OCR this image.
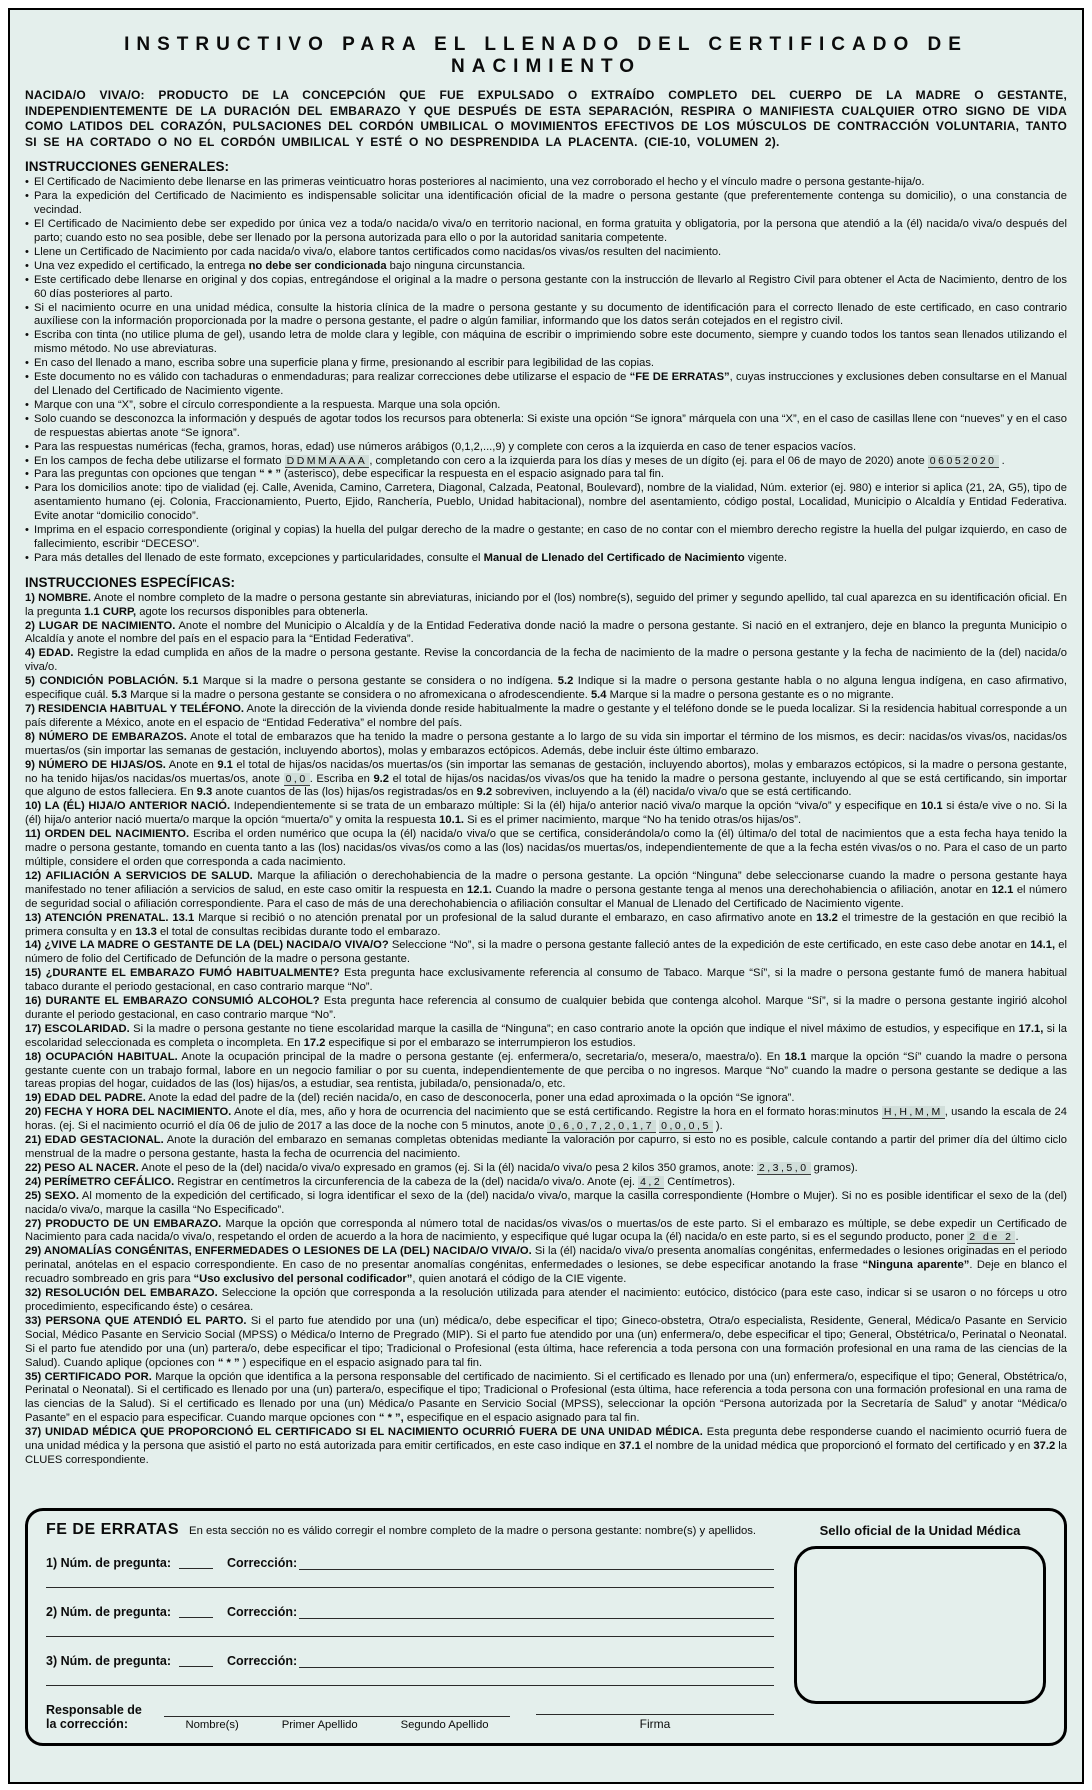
INSTRUCTIVO PARA EL LLENADO DEL CERTIFICADO DE NACIMIENTO
NACIDA/O VIVA/O: PRODUCTO DE LA CONCEPCIÓN QUE FUE EXPULSADO O EXTRAÍDO COMPLETO DEL CUERPO DE LA MADRE O GESTANTE, INDEPENDIENTEMENTE DE LA DURACIÓN DEL EMBARAZO Y QUE DESPUÉS DE ESTA SEPARACIÓN, RESPIRA O MANIFIESTA CUALQUIER OTRO SIGNO DE VIDA COMO LATIDOS DEL CORAZÓN, PULSACIONES DEL CORDÓN UMBILICAL O MOVIMIENTOS EFECTIVOS DE LOS MÚSCULOS DE CONTRACCIÓN VOLUNTARIA, TANTO SI SE HA CORTADO O NO EL CORDÓN UMBILICAL Y ESTÉ O NO DESPRENDIDA LA PLACENTA. (CIE-10, VOLUMEN 2).
INSTRUCCIONES GENERALES:
• El Certificado de Nacimiento debe llenarse en las primeras veinticuatro horas posteriores al nacimiento, una vez corroborado el hecho y el vínculo madre o persona gestante-hija/o.
• Para la expedición del Certificado de Nacimiento es indispensable solicitar una identificación oficial de la madre o persona gestante (que preferentemente contenga su domicilio), o una constancia de vecindad.
• El Certificado de Nacimiento debe ser expedido por única vez a toda/o nacida/o viva/o en territorio nacional, en forma gratuita y obligatoria, por la persona que atendió a la (él) nacida/o viva/o después del parto; cuando esto no sea posible, debe ser llenado por la persona autorizada para ello o por la autoridad sanitaria competente.
• Llene un Certificado de Nacimiento por cada nacida/o viva/o, elabore tantos certificados como nacidas/os vivas/os resulten del nacimiento.
• Una vez expedido el certificado, la entrega no debe ser condicionada bajo ninguna circunstancia.
• Este certificado debe llenarse en original y dos copias, entregándose el original a la madre o persona gestante con la instrucción de llevarlo al Registro Civil para obtener el Acta de Nacimiento, dentro de los 60 días posteriores al parto.
• Si el nacimiento ocurre en una unidad médica, consulte la historia clínica de la madre o persona gestante y su documento de identificación para el correcto llenado de este certificado, en caso contrario auxíliese con la información proporcionada por la madre o persona gestante, el padre o algún familiar, informando que los datos serán cotejados en el registro civil.
• Escriba con tinta (no utilice pluma de gel), usando letra de molde clara y legible, con máquina de escribir o imprimiendo sobre este documento, siempre y cuando todos los tantos sean llenados utilizando el mismo método. No use abreviaturas.
• En caso del llenado a mano, escriba sobre una superficie plana y firme, presionando al escribir para legibilidad de las copias.
• Este documento no es válido con tachaduras o enmendaduras; para realizar correcciones debe utilizarse el espacio de “FE DE ERRATAS”, cuyas instrucciones y exclusiones deben consultarse en el Manual del Llenado del Certificado de Nacimiento vigente.
• Marque con una “X”, sobre el círculo correspondiente a la respuesta. Marque una sola opción.
• Solo cuando se desconozca la información y después de agotar todos los recursos para obtenerla: Si existe una opción “Se ignora” márquela con una “X”, en el caso de casillas llene con “nueves” y en el caso de respuestas abiertas anote “Se ignora”.
• Para las respuestas numéricas (fecha, gramos, horas, edad) use números arábigos (0,1,2,...,9) y complete con ceros a la izquierda en caso de tener espacios vacíos.
• En los campos de fecha debe utilizarse el formato DDMMAAAA , completando con cero a la izquierda para los días y meses de un dígito (ej. para el 06 de mayo de 2020) anote 06052020 .
• Para las preguntas con opciones que tengan “ * ” (asterisco), debe especificar la respuesta en el espacio asignado para tal fin.
• Para los domicilios anote: tipo de vialidad (ej. Calle, Avenida, Camino, Carretera, Diagonal, Calzada, Peatonal, Boulevard), nombre de la vialidad, Núm. exterior (ej. 980) e interior si aplica (21, 2A, G5), tipo de asentamiento humano (ej. Colonia, Fraccionamiento, Puerto, Ejido, Ranchería, Pueblo, Unidad habitacional), nombre del asentamiento, código postal, Localidad, Municipio o Alcaldía y Entidad Federativa. Evite anotar “domicilio conocido”.
• Imprima en el espacio correspondiente (original y copias) la huella del pulgar derecho de la madre o gestante; en caso de no contar con el miembro derecho registre la huella del pulgar izquierdo, en caso de fallecimiento, escribir “DECESO”.
• Para más detalles del llenado de este formato, excepciones y particularidades, consulte el Manual de Llenado del Certificado de Nacimiento vigente.
INSTRUCCIONES ESPECÍFICAS:
1) NOMBRE. Anote el nombre completo de la madre o persona gestante sin abreviaturas, iniciando por el (los) nombre(s), seguido del primer y segundo apellido, tal cual aparezca en su identificación oficial. En la pregunta 1.1 CURP, agote los recursos disponibles para obtenerla.
2) LUGAR DE NACIMIENTO. Anote el nombre del Municipio o Alcaldía y de la Entidad Federativa donde nació la madre o persona gestante. Si nació en el extranjero, deje en blanco la pregunta Municipio o Alcaldía y anote el nombre del país en el espacio para la “Entidad Federativa”.
4) EDAD. Registre la edad cumplida en años de la madre o persona gestante. Revise la concordancia de la fecha de nacimiento de la madre o persona gestante y la fecha de nacimiento de la (del) nacida/o viva/o.
5) CONDICIÓN POBLACIÓN. 5.1 Marque si la madre o persona gestante se considera o no indígena. 5.2 Indique si la madre o persona gestante habla o no alguna lengua indígena, en caso afirmativo, especifique cuál. 5.3 Marque si la madre o persona gestante se considera o no afromexicana o afrodescendiente. 5.4 Marque si la madre o persona gestante es o no migrante.
7) RESIDENCIA HABITUAL Y TELÉFONO. Anote la dirección de la vivienda donde reside habitualmente la madre o gestante y el teléfono donde se le pueda localizar. Si la residencia habitual corresponde a un país diferente a México, anote en el espacio de “Entidad Federativa” el nombre del país.
8) NÚMERO DE EMBARAZOS. Anote el total de embarazos que ha tenido la madre o persona gestante a lo largo de su vida sin importar el término de los mismos, es decir: nacidas/os vivas/os, nacidas/os muertas/os (sin importar las semanas de gestación, incluyendo abortos), molas y embarazos ectópicos. Además, debe incluir éste último embarazo.
9) NÚMERO DE HIJAS/OS. Anote en 9.1 el total de hijas/os nacidas/os muertas/os (sin importar las semanas de gestación, incluyendo abortos), molas y embarazos ectópicos, si la madre o persona gestante, no ha tenido hijas/os nacidas/os muertas/os, anote 0,0 . Escriba en 9.2 el total de hijas/os nacidas/os vivas/os que ha tenido la madre o persona gestante, incluyendo al que se está certificando, sin importar que alguno de estos falleciera. En 9.3 anote cuantos de las (los) hijas/os registradas/os en 9.2 sobreviven, incluyendo a la (él) nacida/o viva/o que se está certificando.
10) LA (ÉL) HIJA/O ANTERIOR NACIÓ. Independientemente si se trata de un embarazo múltiple: Si la (él) hija/o anterior nació viva/o marque la opción “viva/o” y especifique en 10.1 si ésta/e vive o no. Si la (él) hija/o anterior nació muerta/o marque la opción “muerta/o” y omita la respuesta 10.1. Si es el primer nacimiento, marque “No ha tenido otras/os hijas/os”.
11) ORDEN DEL NACIMIENTO. Escriba el orden numérico que ocupa la (él) nacida/o viva/o que se certifica, considerándola/o como la (él) última/o del total de nacimientos que a esta fecha haya tenido la madre o persona gestante, tomando en cuenta tanto a las (los) nacidas/os vivas/os como a las (los) nacidas/os muertas/os, independientemente de que a la fecha estén vivas/os o no. Para el caso de un parto múltiple, considere el orden que corresponda a cada nacimiento.
12) AFILIACIÓN A SERVICIOS DE SALUD. Marque la afiliación o derechohabiencia de la madre o persona gestante. La opción “Ninguna” debe seleccionarse cuando la madre o persona gestante haya manifestado no tener afiliación a servicios de salud, en este caso omitir la respuesta en 12.1. Cuando la madre o persona gestante tenga al menos una derechohabiencia o afiliación, anotar en 12.1 el número de seguridad social o afiliación correspondiente. Para el caso de más de una derechohabiencia o afiliación consultar el Manual de Llenado del Certificado de Nacimiento vigente.
13) ATENCIÓN PRENATAL. 13.1 Marque si recibió o no atención prenatal por un profesional de la salud durante el embarazo, en caso afirmativo anote en 13.2 el trimestre de la gestación en que recibió la primera consulta y en 13.3 el total de consultas recibidas durante todo el embarazo.
14) ¿VIVE LA MADRE O GESTANTE DE LA (DEL) NACIDA/O VIVA/O? Seleccione “No”, si la madre o persona gestante falleció antes de la expedición de este certificado, en este caso debe anotar en 14.1, el número de folio del Certificado de Defunción de la madre o persona gestante.
15) ¿DURANTE EL EMBARAZO FUMÓ HABITUALMENTE? Esta pregunta hace exclusivamente referencia al consumo de Tabaco. Marque “Sí”, si la madre o persona gestante fumó de manera habitual tabaco durante el periodo gestacional, en caso contrario marque “No”.
16) DURANTE EL EMBARAZO CONSUMIÓ ALCOHOL? Esta pregunta hace referencia al consumo de cualquier bebida que contenga alcohol. Marque “Sí”, si la madre o persona gestante ingirió alcohol durante el periodo gestacional, en caso contrario marque “No”.
17) ESCOLARIDAD. Si la madre o persona gestante no tiene escolaridad marque la casilla de “Ninguna”; en caso contrario anote la opción que indique el nivel máximo de estudios, y especifique en 17.1, si la escolaridad seleccionada es completa o incompleta. En 17.2 especifique si por el embarazo se interrumpieron los estudios.
18) OCUPACIÓN HABITUAL. Anote la ocupación principal de la madre o persona gestante (ej. enfermera/o, secretaria/o, mesera/o, maestra/o). En 18.1 marque la opción “Sí” cuando la madre o persona gestante cuente con un trabajo formal, labore en un negocio familiar o por su cuenta, independientemente de que perciba o no ingresos. Marque “No” cuando la madre o persona gestante se dedique a las tareas propias del hogar, cuidados de las (los) hijas/os, a estudiar, sea rentista, jubilada/o, pensionada/o, etc.
19) EDAD DEL PADRE. Anote la edad del padre de la (del) recién nacida/o, en caso de desconocerla, poner una edad aproximada o la opción “Se ignora”.
20) FECHA Y HORA DEL NACIMIENTO. Anote el día, mes, año y hora de ocurrencia del nacimiento que se está certificando. Registre la hora en el formato horas:minutos H,H,M,M , usando la escala de 24 horas. (ej. Si el nacimiento ocurrió el día 06 de julio de 2017 a las doce de la noche con 5 minutos, anote 0,6,0,7,2,0,1,7 0,0,0,5 ).
21) EDAD GESTACIONAL. Anote la duración del embarazo en semanas completas obtenidas mediante la valoración por capurro, si esto no es posible, calcule contando a partir del primer día del último ciclo menstrual de la madre o persona gestante, hasta la fecha de ocurrencia del nacimiento.
22) PESO AL NACER. Anote el peso de la (del) nacida/o viva/o expresado en gramos (ej. Si la (él) nacida/o viva/o pesa 2 kilos 350 gramos, anote: 2,3,5,0 gramos).
24) PERÍMETRO CEFÁLICO. Registrar en centímetros la circunferencia de la cabeza de la (del) nacida/o viva/o. Anote (ej. 4,2 Centímetros).
25) SEXO. Al momento de la expedición del certificado, si logra identificar el sexo de la (del) nacida/o viva/o, marque la casilla correspondiente (Hombre o Mujer). Si no es posible identificar el sexo de la (del) nacida/o viva/o, marque la casilla “No Especificado”.
27) PRODUCTO DE UN EMBARAZO. Marque la opción que corresponda al número total de nacidas/os vivas/os o muertas/os de este parto. Si el embarazo es múltiple, se debe expedir un Certificado de Nacimiento para cada nacida/o viva/o, respetando el orden de acuerdo a la hora de nacimiento, y especifique qué lugar ocupa la (él) nacida/o en este parto, si es el segundo producto, poner 2 de 2 .
29) ANOMALÍAS CONGÉNITAS, ENFERMEDADES O LESIONES DE LA (DEL) NACIDA/O VIVA/O. Si la (él) nacida/o viva/o presenta anomalías congénitas, enfermedades o lesiones originadas en el periodo perinatal, anótelas en el espacio correspondiente. En caso de no presentar anomalías congénitas, enfermedades o lesiones, se debe especificar anotando la frase “Ninguna aparente”. Deje en blanco el recuadro sombreado en gris para “Uso exclusivo del personal codificador”, quien anotará el código de la CIE vigente.
32) RESOLUCIÓN DEL EMBARAZO. Seleccione la opción que corresponda a la resolución utilizada para atender el nacimiento: eutócico, distócico (para este caso, indicar si se usaron o no fórceps u otro procedimiento, especificando éste) o cesárea.
33) PERSONA QUE ATENDIÓ EL PARTO. Si el parto fue atendido por una (un) médica/o, debe especificar el tipo; Gineco-obstetra, Otra/o especialista, Residente, General, Médica/o Pasante en Servicio Social, Médico Pasante en Servicio Social (MPSS) o Médica/o Interno de Pregrado (MIP). Si el parto fue atendido por una (un) enfermera/o, debe especificar el tipo; General, Obstétrica/o, Perinatal o Neonatal. Si el parto fue atendido por una (un) partera/o, debe especificar el tipo; Tradicional o Profesional (esta última, hace referencia a toda persona con una formación profesional en una rama de las ciencias de la Salud). Cuando aplique (opciones con “ * ” ) especifique en el espacio asignado para tal fin.
35) CERTIFICADO POR. Marque la opción que identifica a la persona responsable del certificado de nacimiento. Si el certificado es llenado por una (un) enfermera/o, especifique el tipo; General, Obstétrica/o, Perinatal o Neonatal). Si el certificado es llenado por una (un) partera/o, especifique el tipo; Tradicional o Profesional (esta última, hace referencia a toda persona con una formación profesional en una rama de las ciencias de la Salud). Si el certificado es llenado por una (un) Médica/o Pasante en Servicio Social (MPSS), seleccionar la opción “Persona autorizada por la Secretaría de Salud” y anotar “Médica/o Pasante” en el espacio para especificar. Cuando marque opciones con “ * ”, especifique en el espacio asignado para tal fin.
37) UNIDAD MÉDICA QUE PROPORCIONÓ EL CERTIFICADO SI EL NACIMIENTO OCURRIÓ FUERA DE UNA UNIDAD MÉDICA. Esta pregunta debe responderse cuando el nacimiento ocurrió fuera de una unidad médica y la persona que asistió el parto no está autorizada para emitir certificados, en este caso indique en 37.1 el nombre de la unidad médica que proporcionó el formato del certificado y en 37.2 la CLUES correspondiente.
FE DE ERRATAS En esta sección no es válido corregir el nombre completo de la madre o persona gestante: nombre(s) y apellidos.
1) Núm. de pregunta:	Corrección:
2) Núm. de pregunta:	Corrección:
3) Núm. de pregunta:	Corrección:
Responsable de
la corrección:	Nombre(s)	Primer Apellido	Segundo Apellido	Firma
Sello oficial de la Unidad Médica
